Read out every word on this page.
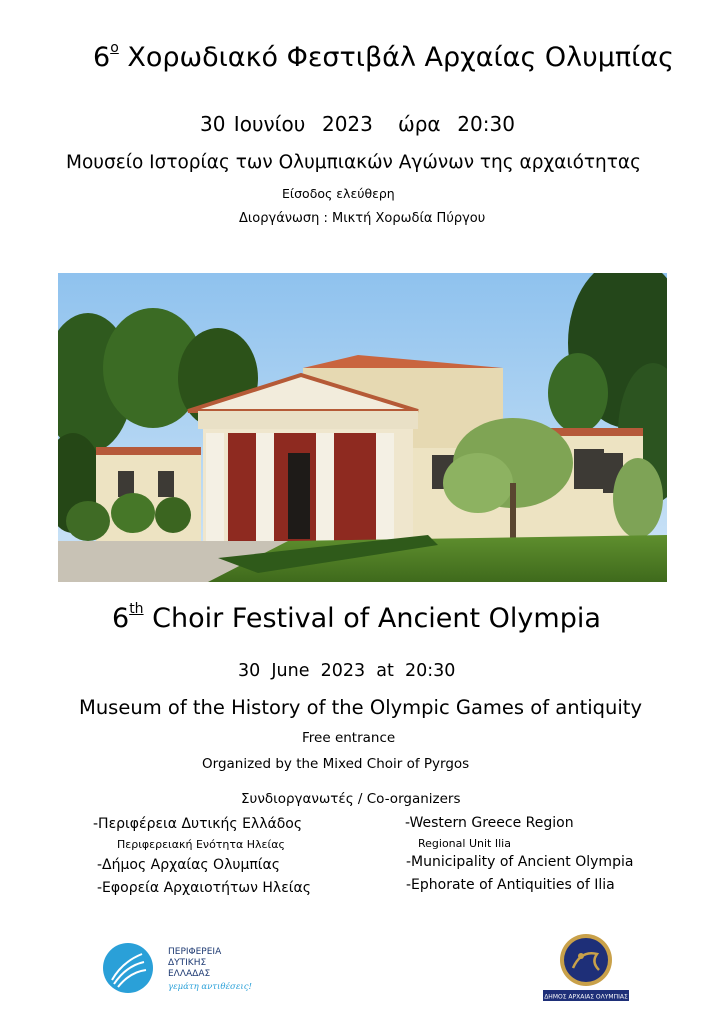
$6^o$ Χορωδιακό Φεστιβάλ Αρχαίας Ολυμπίας
30 Ιουνίου  2023   ώρα  20:30
Μουσείο Ιστορίας των Ολυμπιακών Αγώνων της αρχαιότητας
Είσοδος ελεύθερη
Διοργάνωση : Μικτή Χορωδία Πύργου
6th Choir Festival of Ancient Olympia
30  June  2023  at  20:30
Museum of the History of the Olympic Games of antiquity
Free entrance
Organized by the Mixed Choir of Pyrgos
Συνδιοργανωτές / Co-organizers
-Περιφέρεια Δυτικής Ελλάδος
Περιφερειακή Ενότητα Ηλείας
-Δήμος Αρχαίας Ολυμπίας
-Εφορεία Αρχαιοτήτων Ηλείας
-Western Greece Region
Regional Unit Ilia
-Municipality of Ancient Olympia
-Ephorate of Antiquities of Ilia
ΠΕΡΙΦΕΡΕΙΑ
ΔΥΤΙΚΗΣ
ΕΛΛΑΔΑΣ
γεμάτη αντιθέσεις!
ΔΗΜΟΣ ΑΡΧΑΙΑΣ ΟΛΥΜΠΙΑΣ
